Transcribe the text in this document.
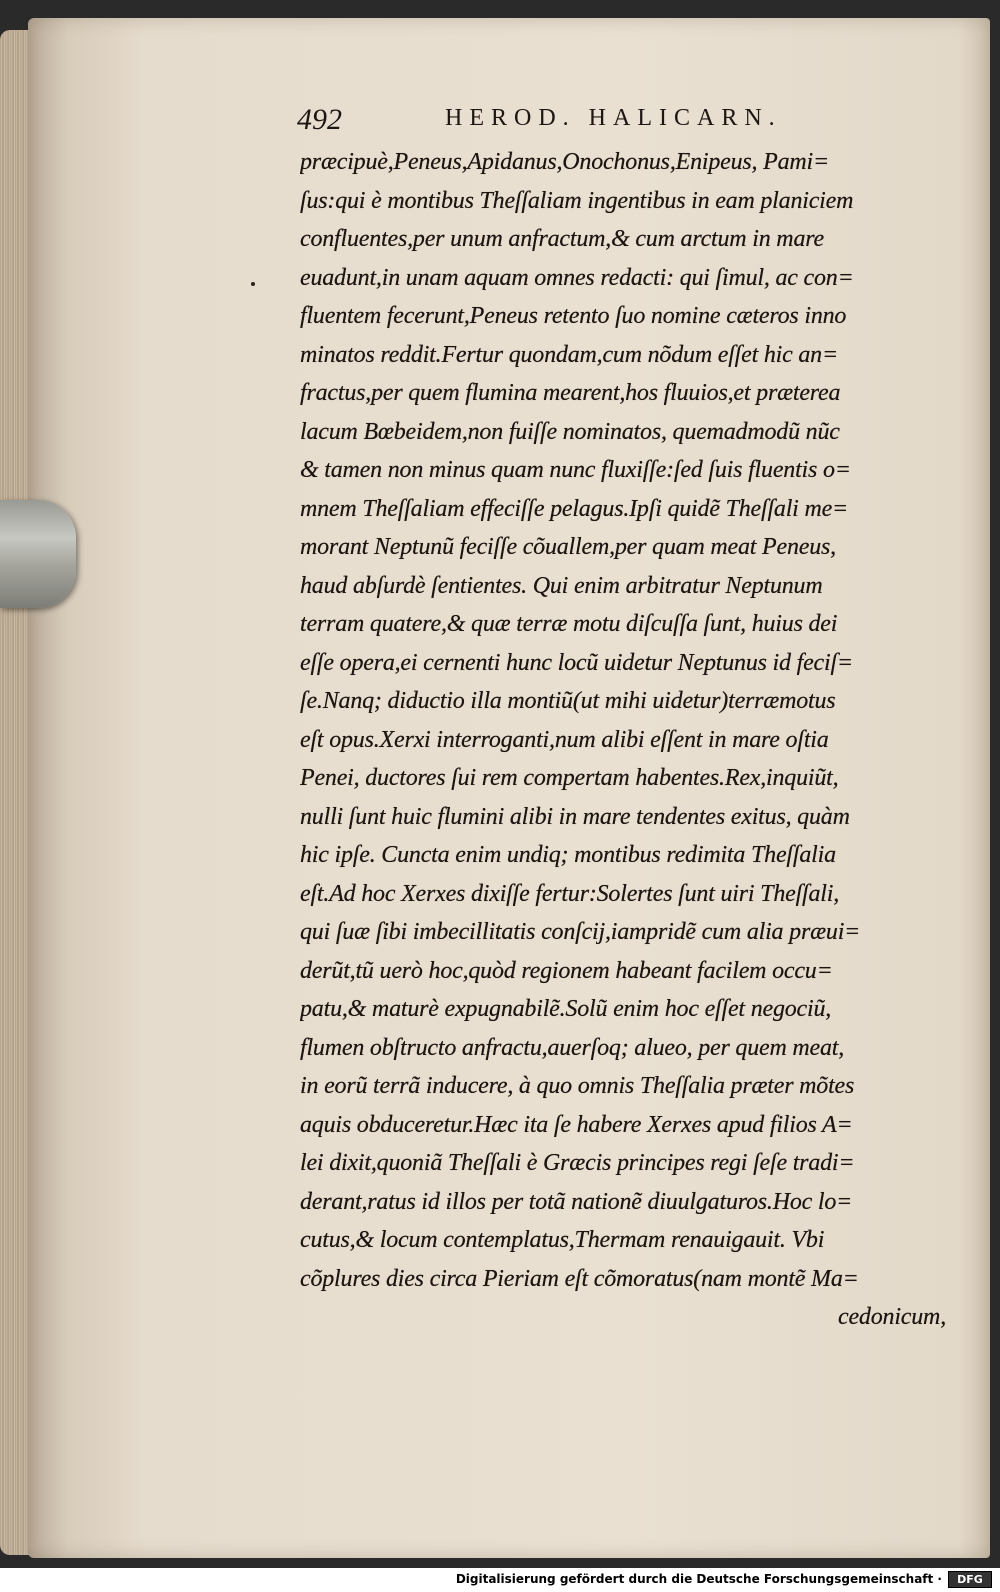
492	HEROD. HALICARN.
præcipuè,Peneus,Apidanus,Onochonus,Enipeus, Pami=
ſus:qui è montibus Theſſaliam ingentibus in eam planiciem
confluentes,per unum anfractum,& cum arctum in mare
euadunt,in unam aquam omnes redacti: qui ſimul, ac con=
fluentem fecerunt,Peneus retento ſuo nomine cæteros inno
minatos reddit.Fertur quondam,cum nõdum eſſet hic an=
fractus,per quem flumina mearent,hos fluuios,et præterea
lacum Bœbeidem,non fuiſſe nominatos, quemadmodũ nũc
& tamen non minus quam nunc fluxiſſe:ſed ſuis fluentis o=
mnem Theſſaliam effeciſſe pelagus.Ipſi quidẽ Theſſali me=
morant Neptunũ feciſſe cõuallem,per quam meat Peneus,
haud abſurdè ſentientes. Qui enim arbitratur Neptunum
terram quatere,& quæ terræ motu diſcuſſa ſunt, huius dei
eſſe opera,ei cernenti hunc locũ uidetur Neptunus id feciſ=
ſe.Nanq; diductio illa montiũ(ut mihi uidetur)terræmotus
eſt opus.Xerxi interroganti,num alibi eſſent in mare oſtia
Penei, ductores ſui rem compertam habentes.Rex,inquiũt,
nulli ſunt huic flumini alibi in mare tendentes exitus, quàm
hic ipſe. Cuncta enim undiq; montibus redimita Theſſalia
eſt.Ad hoc Xerxes dixiſſe fertur:Solertes ſunt uiri Theſſali,
qui ſuæ ſibi imbecillitatis conſcij,iampridẽ cum alia præui=
derũt,tũ uerò hoc,quòd regionem habeant facilem occu=
patu,& maturè expugnabilẽ.Solũ enim hoc eſſet negociũ,
flumen obſtructo anfractu,auerſoq; alueo, per quem meat,
in eorũ terrã inducere, à quo omnis Theſſalia præter mõtes
aquis obduceretur.Hæc ita ſe habere Xerxes apud filios A=
lei dixit,quoniã Theſſali è Græcis principes regi ſeſe tradi=
derant,ratus id illos per totã nationẽ diuulgaturos.Hoc lo=
cutus,& locum contemplatus,Thermam renauigauit. Vbi
cõplures dies circa Pieriam eſt cõmoratus(nam montẽ Ma=
cedonicum,
Digitalisierung gefördert durch die Deutsche Forschungsgemeinschaft ·	DFG
